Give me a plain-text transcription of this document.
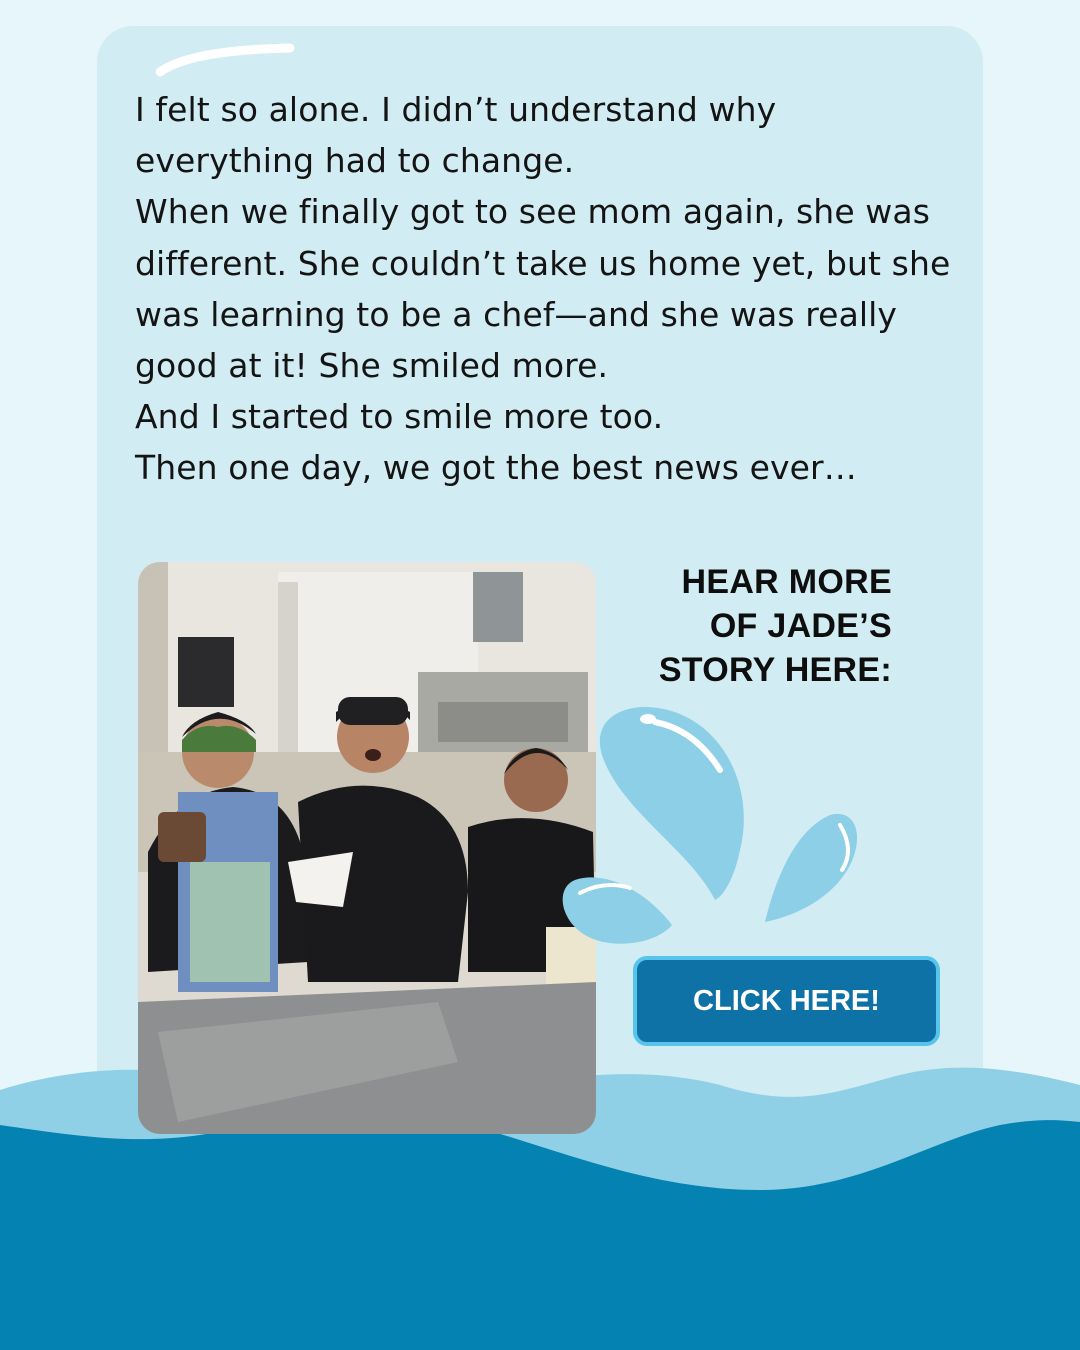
I felt so alone. I didn’t understand why everything had to change.

When we finally got to see mom again, she was different. She couldn’t take us home yet, but she was learning to be a chef—and she was really good at it! She smiled more.

And I started to smile more too.

Then one day, we got the best news ever…

HEAR MORE
OF JADE’S
STORY HERE:
CLICK HERE!
